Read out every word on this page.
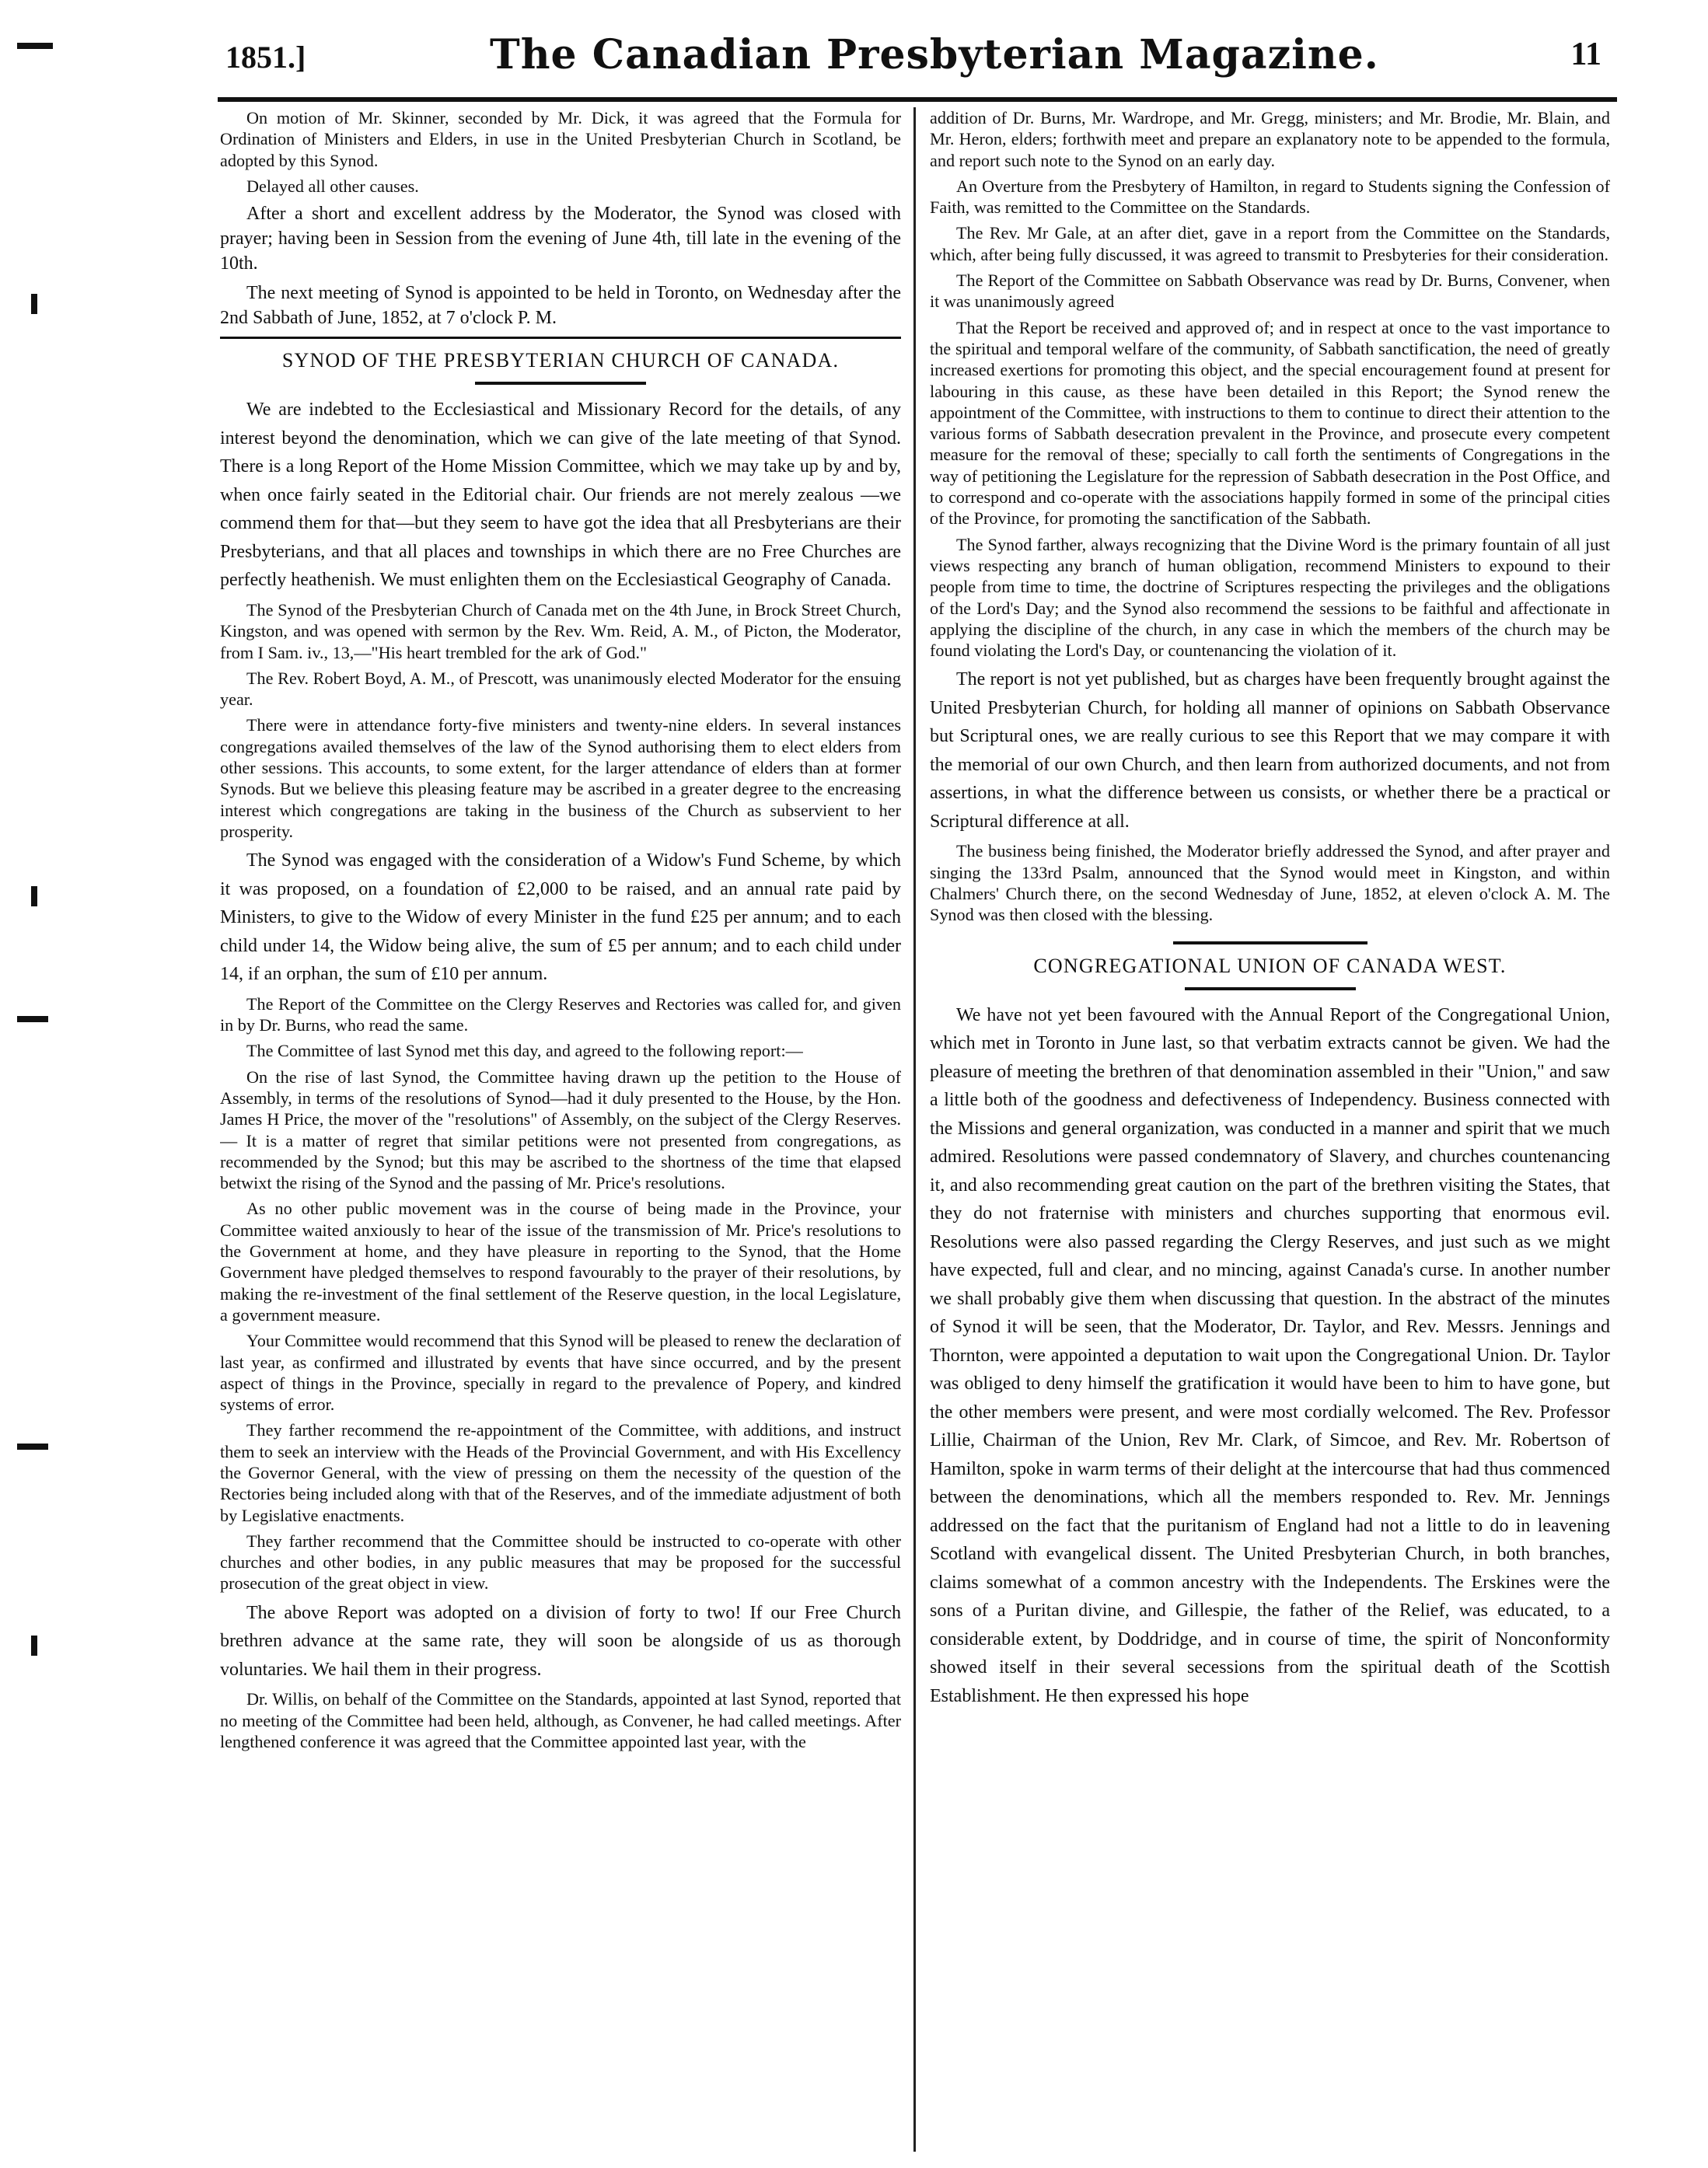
1851.]	The Canadian Presbyterian Magazine.	11

On motion of Mr. Skinner, seconded by Mr. Dick, it was agreed that the Formula for Ordination of Ministers and Elders, in use in the United Presbyterian Church in Scotland, be adopted by this Synod.

Delayed all other causes.

After a short and excellent address by the Moderator, the Synod was closed with prayer; having been in Session from the evening of June 4th, till late in the evening of the 10th.

The next meeting of Synod is appointed to be held in Toronto, on Wednesday after the 2nd Sabbath of June, 1852, at 7 o'clock P. M.

SYNOD OF THE PRESBYTERIAN CHURCH OF CANADA.

We are indebted to the Ecclesiastical and Missionary Record for the details, of any interest beyond the denomination, which we can give of the late meeting of that Synod. There is a long Report of the Home Mission Committee, which we may take up by and by, when once fairly seated in the Editorial chair. Our friends are not merely zealous —we commend them for that—but they seem to have got the idea that all Presbyterians are their Presbyterians, and that all places and townships in which there are no Free Churches are perfectly heathenish. We must enlighten them on the Ecclesiastical Geography of Canada.

The Synod of the Presbyterian Church of Canada met on the 4th June, in Brock Street Church, Kingston, and was opened with sermon by the Rev. Wm. Reid, A. M., of Picton, the Moderator, from I Sam. iv., 13,—"His heart trembled for the ark of God."

The Rev. Robert Boyd, A. M., of Prescott, was unanimously elected Moderator for the ensuing year.

There were in attendance forty-five ministers and twenty-nine elders. In several instances congregations availed themselves of the law of the Synod authorising them to elect elders from other sessions. This accounts, to some extent, for the larger attendance of elders than at former Synods. But we believe this pleasing feature may be ascribed in a greater degree to the encreasing interest which congregations are taking in the business of the Church as subservient to her prosperity.

The Synod was engaged with the consideration of a Widow's Fund Scheme, by which it was proposed, on a foundation of £2,000 to be raised, and an annual rate paid by Ministers, to give to the Widow of every Minister in the fund £25 per annum; and to each child under 14, the Widow being alive, the sum of £5 per annum; and to each child under 14, if an orphan, the sum of £10 per annum.

The Report of the Committee on the Clergy Reserves and Rectories was called for, and given in by Dr. Burns, who read the same.

The Committee of last Synod met this day, and agreed to the following report:—

On the rise of last Synod, the Committee having drawn up the petition to the House of Assembly, in terms of the resolutions of Synod—had it duly presented to the House, by the Hon. James H Price, the mover of the "resolutions" of Assembly, on the subject of the Clergy Reserves.— It is a matter of regret that similar petitions were not presented from congregations, as recommended by the Synod; but this may be ascribed to the shortness of the time that elapsed betwixt the rising of the Synod and the passing of Mr. Price's resolutions.

As no other public movement was in the course of being made in the Province, your Committee waited anxiously to hear of the issue of the transmission of Mr. Price's resolutions to the Government at home, and they have pleasure in reporting to the Synod, that the Home Government have pledged themselves to respond favourably to the prayer of their resolutions, by making the re-investment of the final settlement of the Reserve question, in the local Legislature, a government measure.

Your Committee would recommend that this Synod will be pleased to renew the declaration of last year, as confirmed and illustrated by events that have since occurred, and by the present aspect of things in the Province, specially in regard to the prevalence of Popery, and kindred systems of error.

They farther recommend the re-appointment of the Committee, with additions, and instruct them to seek an interview with the Heads of the Provincial Government, and with His Excellency the Governor General, with the view of pressing on them the necessity of the question of the Rectories being included along with that of the Reserves, and of the immediate adjustment of both by Legislative enactments.

They farther recommend that the Committee should be instructed to co-operate with other churches and other bodies, in any public measures that may be proposed for the successful prosecution of the great object in view.

The above Report was adopted on a division of forty to two! If our Free Church brethren advance at the same rate, they will soon be alongside of us as thorough voluntaries. We hail them in their progress.

Dr. Willis, on behalf of the Committee on the Standards, appointed at last Synod, reported that no meeting of the Committee had been held, although, as Convener, he had called meetings. After lengthened conference it was agreed that the Committee appointed last year, with the

addition of Dr. Burns, Mr. Wardrope, and Mr. Gregg, ministers; and Mr. Brodie, Mr. Blain, and Mr. Heron, elders; forthwith meet and prepare an explanatory note to be appended to the formula, and report such note to the Synod on an early day.

An Overture from the Presbytery of Hamilton, in regard to Students signing the Confession of Faith, was remitted to the Committee on the Standards.

The Rev. Mr Gale, at an after diet, gave in a report from the Committee on the Standards, which, after being fully discussed, it was agreed to transmit to Presbyteries for their consideration.

The Report of the Committee on Sabbath Observance was read by Dr. Burns, Convener, when it was unanimously agreed

That the Report be received and approved of; and in respect at once to the vast importance to the spiritual and temporal welfare of the community, of Sabbath sanctification, the need of greatly increased exertions for promoting this object, and the special encouragement found at present for labouring in this cause, as these have been detailed in this Report; the Synod renew the appointment of the Committee, with instructions to them to continue to direct their attention to the various forms of Sabbath desecration prevalent in the Province, and prosecute every competent measure for the removal of these; specially to call forth the sentiments of Congregations in the way of petitioning the Legislature for the repression of Sabbath desecration in the Post Office, and to correspond and co-operate with the associations happily formed in some of the principal cities of the Province, for promoting the sanctification of the Sabbath.

The Synod farther, always recognizing that the Divine Word is the primary fountain of all just views respecting any branch of human obligation, recommend Ministers to expound to their people from time to time, the doctrine of Scriptures respecting the privileges and the obligations of the Lord's Day; and the Synod also recommend the sessions to be faithful and affectionate in applying the discipline of the church, in any case in which the members of the church may be found violating the Lord's Day, or countenancing the violation of it.

The report is not yet published, but as charges have been frequently brought against the United Presbyterian Church, for holding all manner of opinions on Sabbath Observance but Scriptural ones, we are really curious to see this Report that we may compare it with the memorial of our own Church, and then learn from authorized documents, and not from assertions, in what the difference between us consists, or whether there be a practical or Scriptural difference at all.

The business being finished, the Moderator briefly addressed the Synod, and after prayer and singing the 133rd Psalm, announced that the Synod would meet in Kingston, and within Chalmers' Church there, on the second Wednesday of June, 1852, at eleven o'clock A. M. The Synod was then closed with the blessing.

CONGREGATIONAL UNION OF CANADA WEST.

We have not yet been favoured with the Annual Report of the Congregational Union, which met in Toronto in June last, so that verbatim extracts cannot be given. We had the pleasure of meeting the brethren of that denomination assembled in their "Union," and saw a little both of the goodness and defectiveness of Independency. Business connected with the Missions and general organization, was conducted in a manner and spirit that we much admired. Resolutions were passed condemnatory of Slavery, and churches countenancing it, and also recommending great caution on the part of the brethren visiting the States, that they do not fraternise with ministers and churches supporting that enormous evil. Resolutions were also passed regarding the Clergy Reserves, and just such as we might have expected, full and clear, and no mincing, against Canada's curse. In another number we shall probably give them when discussing that question. In the abstract of the minutes of Synod it will be seen, that the Moderator, Dr. Taylor, and Rev. Messrs. Jennings and Thornton, were appointed a deputation to wait upon the Congregational Union. Dr. Taylor was obliged to deny himself the gratification it would have been to him to have gone, but the other members were present, and were most cordially welcomed. The Rev. Professor Lillie, Chairman of the Union, Rev Mr. Clark, of Simcoe, and Rev. Mr. Robertson of Hamilton, spoke in warm terms of their delight at the intercourse that had thus commenced between the denominations, which all the members responded to. Rev. Mr. Jennings addressed on the fact that the puritanism of England had not a little to do in leavening Scotland with evangelical dissent. The United Presbyterian Church, in both branches, claims somewhat of a common ancestry with the Independents. The Erskines were the sons of a Puritan divine, and Gillespie, the father of the Relief, was educated, to a considerable extent, by Doddridge, and in course of time, the spirit of Nonconformity showed itself in their several secessions from the spiritual death of the Scottish Establishment. He then expressed his hope
